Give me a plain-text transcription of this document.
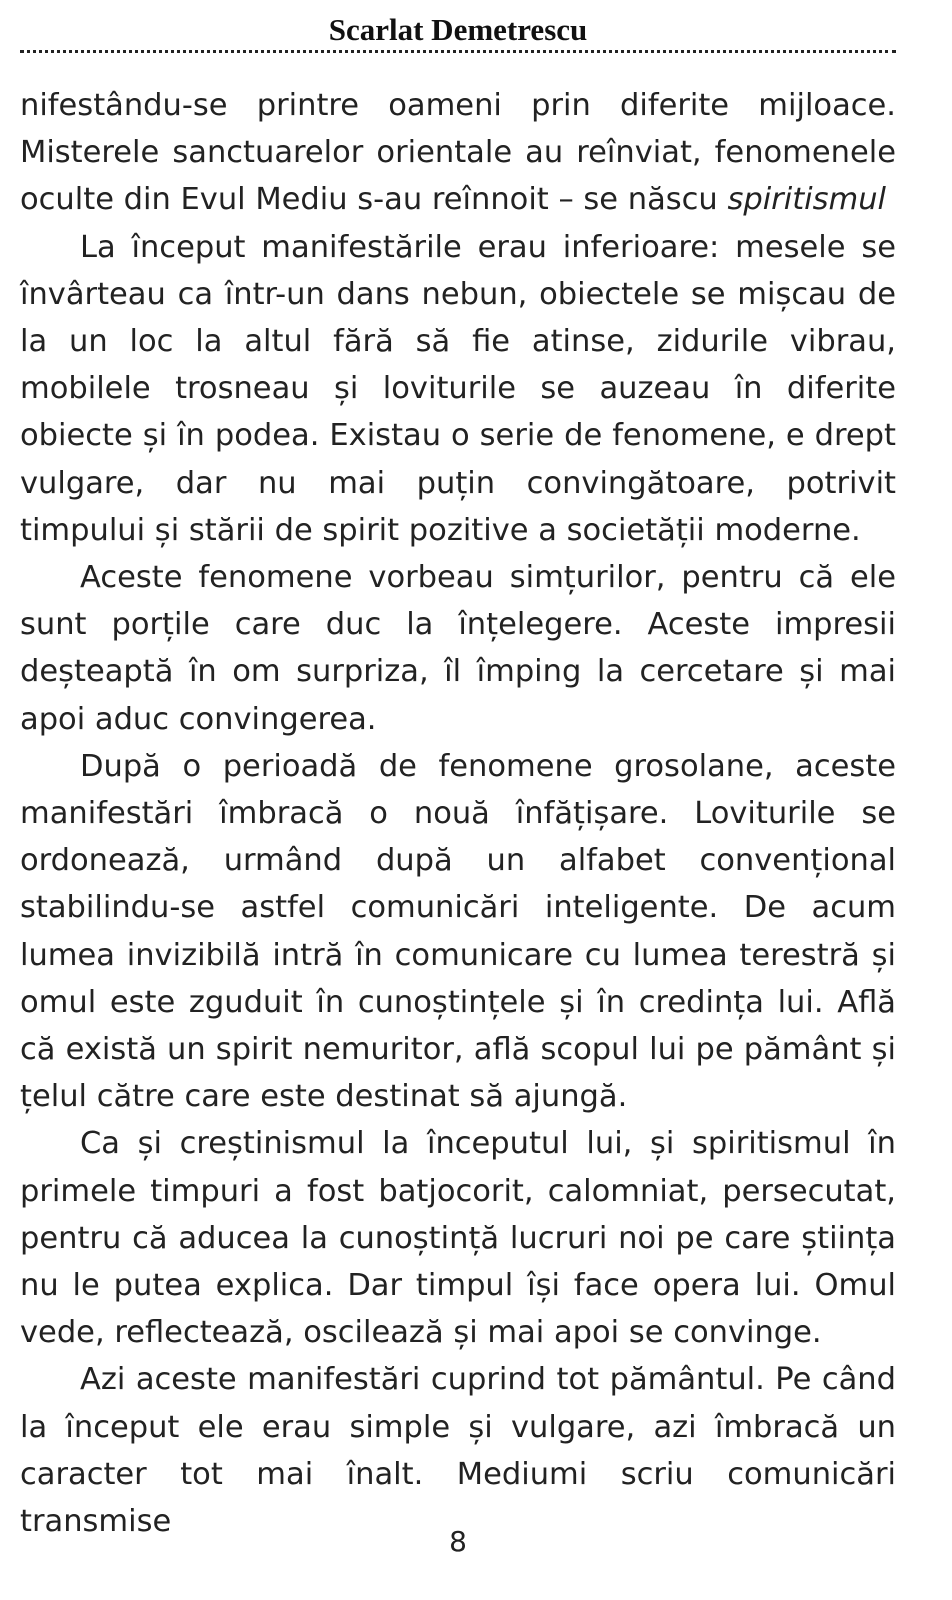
Scarlat Demetrescu

nifestându-se printre oameni prin diferite mijloace. Misterele sanctuarelor orientale au reînviat, fenomenele oculte din Evul Mediu s-au reînnoit – se născu spiritismul

La început manifestările erau inferioare: mesele se învârteau ca într-un dans nebun, obiectele se mișcau de la un loc la altul fără să fie atinse, zidurile vibrau, mobilele trosneau și loviturile se auzeau în diferite obiecte și în podea. Existau o serie de fenomene, e drept vulgare, dar nu mai puțin convingătoare, potrivit timpului și stării de spirit pozitive a societății moderne.

Aceste fenomene vorbeau simțurilor, pentru că ele sunt porțile care duc la înțelegere. Aceste impresii deșteaptă în om surpriza, îl împing la cercetare și mai apoi aduc convingerea.

După o perioadă de fenomene grosolane, aceste manifestări îmbracă o nouă înfățișare. Loviturile se ordonează, urmând după un alfabet convențional stabilindu-se astfel comunicări inteligente. De acum lumea invizibilă intră în comunicare cu lumea terestră și omul este zguduit în cunoștințele și în credința lui. Află că există un spirit nemuritor, află scopul lui pe pământ și țelul către care este destinat să ajungă.

Ca și creștinismul la începutul lui, și spiritismul în primele timpuri a fost batjocorit, calomniat, persecutat, pentru că aducea la cunoștință lucruri noi pe care știința nu le putea explica. Dar timpul își face opera lui. Omul vede, reflectează, oscilează și mai apoi se convinge.

Azi aceste manifestări cuprind tot pământul. Pe când la început ele erau simple și vulgare, azi îmbracă un caracter tot mai înalt. Mediumi scriu comunicări transmise

8
